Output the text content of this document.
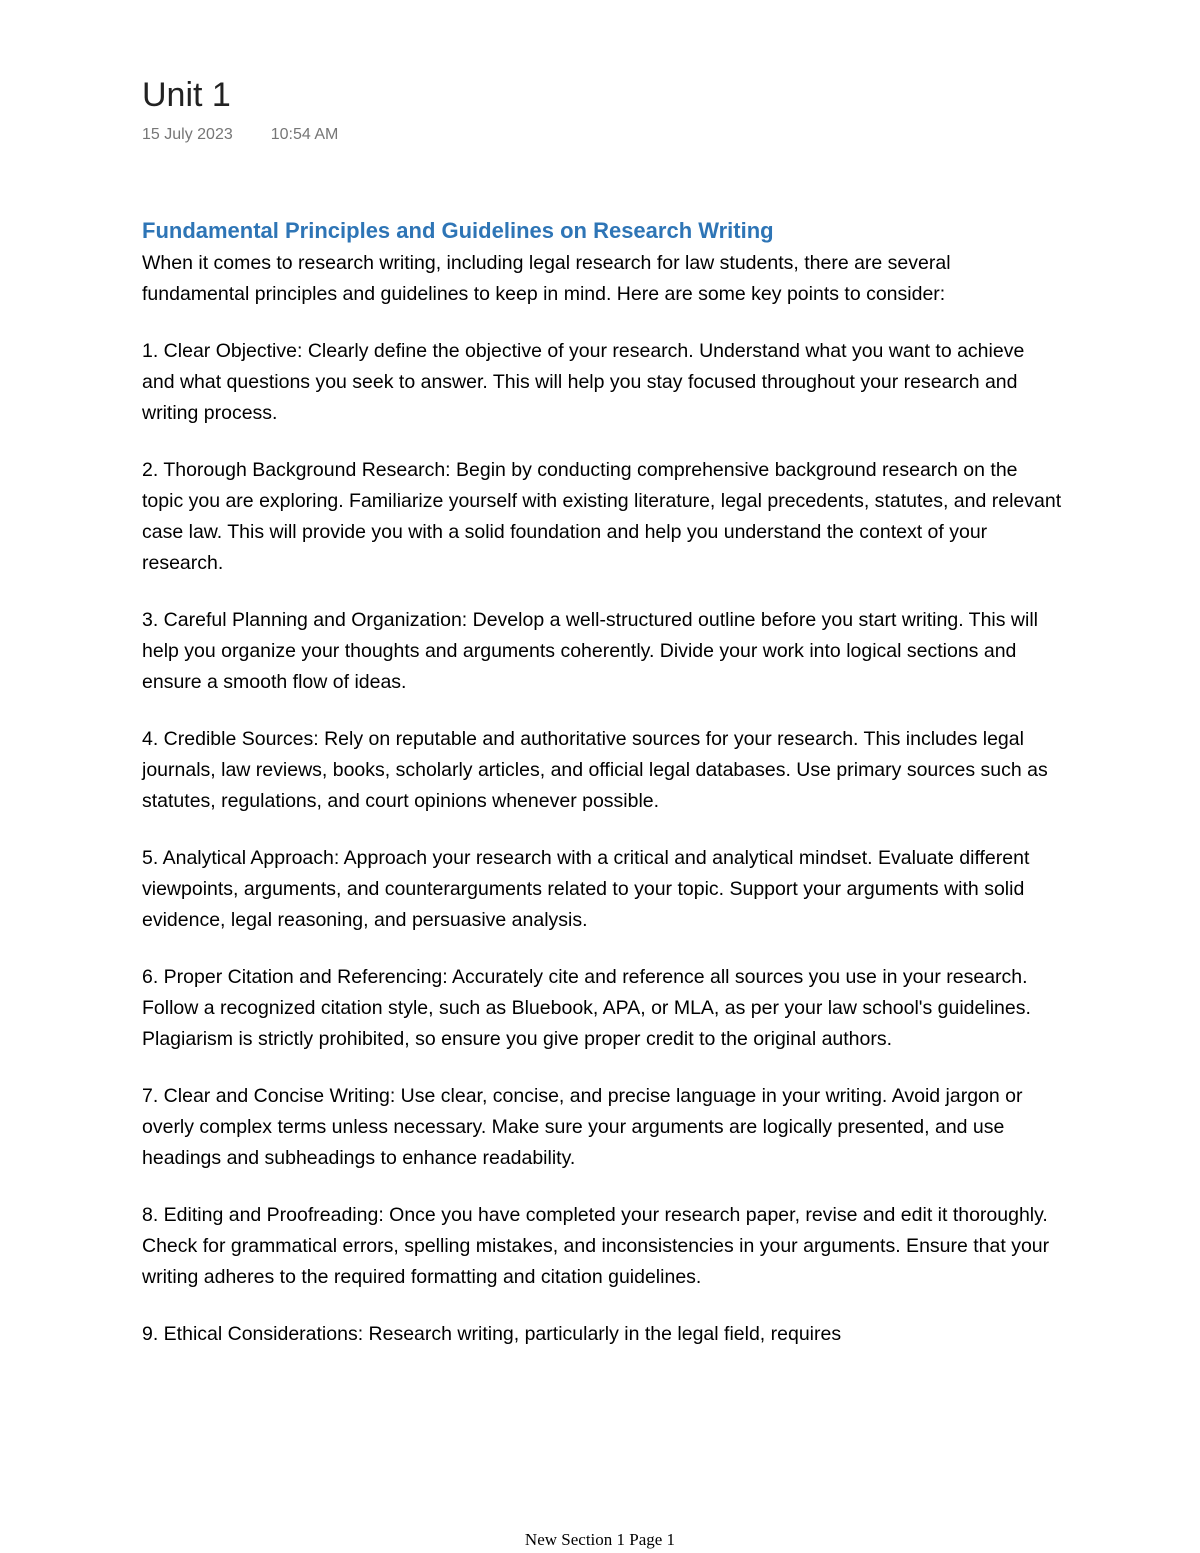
Unit 1
15 July 2023 10:54 AM
Fundamental Principles and Guidelines on Research Writing

When it comes to research writing, including legal research for law students, there are several fundamental principles and guidelines to keep in mind. Here are some key points to consider:

1. Clear Objective: Clearly define the objective of your research. Understand what you want to achieve and what questions you seek to answer. This will help you stay focused throughout your research and writing process.

2. Thorough Background Research: Begin by conducting comprehensive background research on the topic you are exploring. Familiarize yourself with existing literature, legal precedents, statutes, and relevant case law. This will provide you with a solid foundation and help you understand the context of your research.

3. Careful Planning and Organization: Develop a well-structured outline before you start writing. This will help you organize your thoughts and arguments coherently. Divide your work into logical sections and ensure a smooth flow of ideas.

4. Credible Sources: Rely on reputable and authoritative sources for your research. This includes legal journals, law reviews, books, scholarly articles, and official legal databases. Use primary sources such as statutes, regulations, and court opinions whenever possible.

5. Analytical Approach: Approach your research with a critical and analytical mindset. Evaluate different viewpoints, arguments, and counterarguments related to your topic. Support your arguments with solid evidence, legal reasoning, and persuasive analysis.

6. Proper Citation and Referencing: Accurately cite and reference all sources you use in your research. Follow a recognized citation style, such as Bluebook, APA, or MLA, as per your law school's guidelines. Plagiarism is strictly prohibited, so ensure you give proper credit to the original authors.

7. Clear and Concise Writing: Use clear, concise, and precise language in your writing. Avoid jargon or overly complex terms unless necessary. Make sure your arguments are logically presented, and use headings and subheadings to enhance readability.

8. Editing and Proofreading: Once you have completed your research paper, revise and edit it thoroughly. Check for grammatical errors, spelling mistakes, and inconsistencies in your arguments. Ensure that your writing adheres to the required formatting and citation guidelines.

9. Ethical Considerations: Research writing, particularly in the legal field, requires

New Section 1 Page 1
